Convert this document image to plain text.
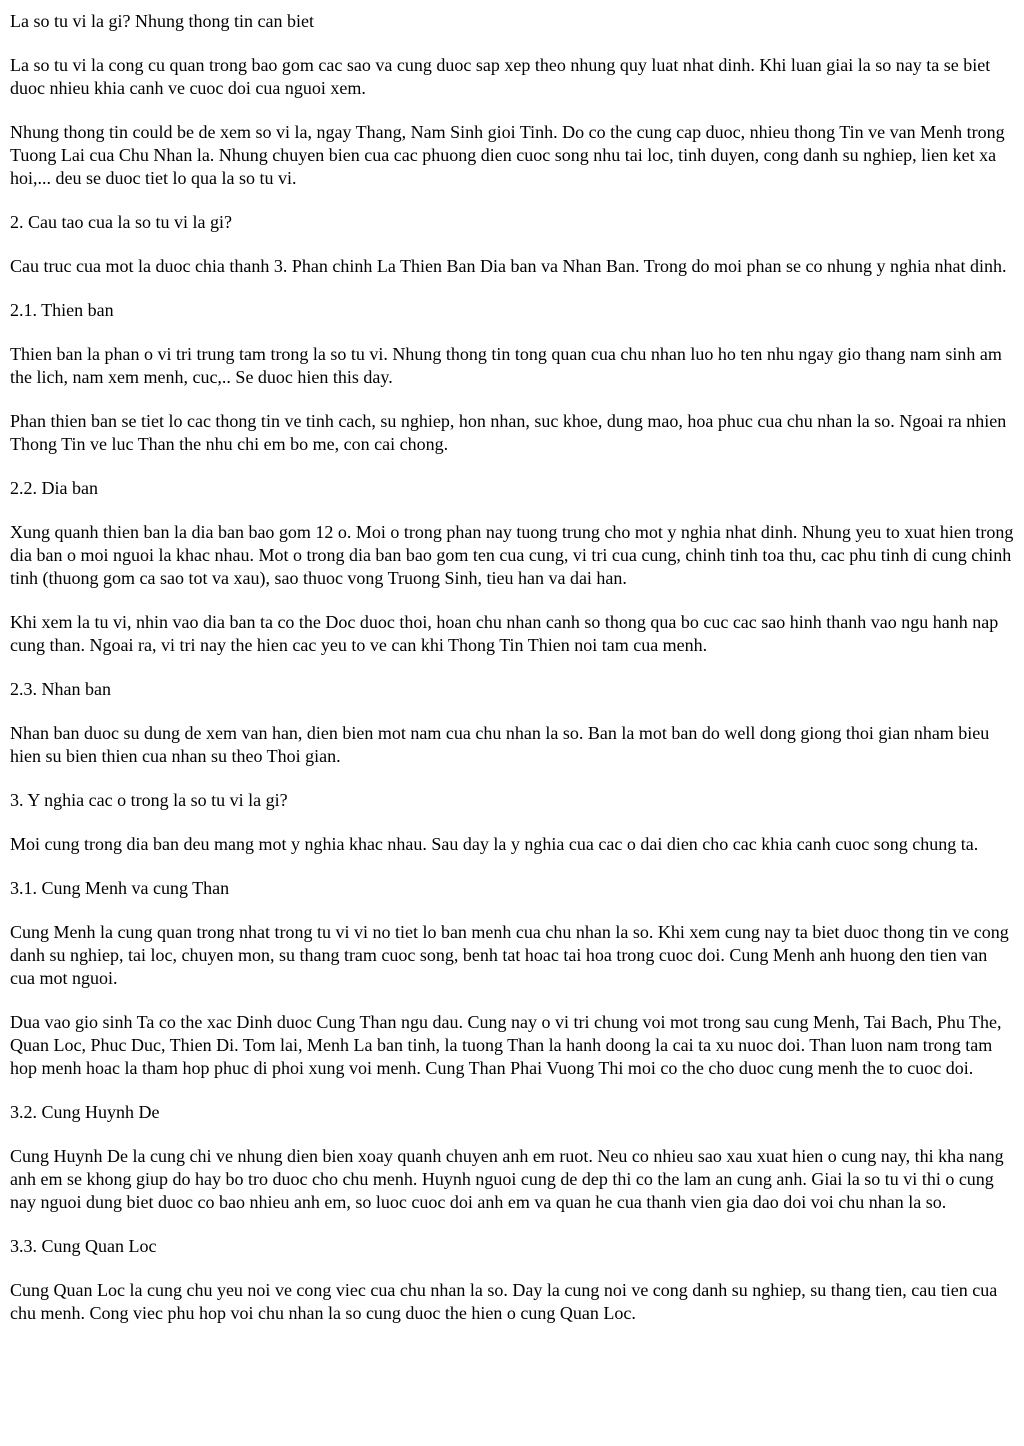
La so tu vi la gi? Nhung thong tin can biet

La so tu vi la cong cu quan trong bao gom cac sao va cung duoc sap xep theo nhung quy luat nhat dinh. Khi luan giai la so nay ta se biet duoc nhieu khia canh ve cuoc doi cua nguoi xem.

Nhung thong tin could be de xem so vi la, ngay Thang, Nam Sinh gioi Tinh. Do co the cung cap duoc, nhieu thong Tin ve van Menh trong Tuong Lai cua Chu Nhan la. Nhung chuyen bien cua cac phuong dien cuoc song nhu tai loc, tinh duyen, cong danh su nghiep, lien ket xa hoi,... deu se duoc tiet lo qua la so tu vi.

2. Cau tao cua la so tu vi la gi?

Cau truc cua mot la duoc chia thanh 3. Phan chinh La Thien Ban Dia ban va Nhan Ban. Trong do moi phan se co nhung y nghia nhat dinh.

2.1. Thien ban

Thien ban la phan o vi tri trung tam trong la so tu vi. Nhung thong tin tong quan cua chu nhan luo ho ten nhu ngay gio thang nam sinh am the lich, nam xem menh, cuc,.. Se duoc hien this day.

Phan thien ban se tiet lo cac thong tin ve tinh cach, su nghiep, hon nhan, suc khoe, dung mao, hoa phuc cua chu nhan la so. Ngoai ra nhien Thong Tin ve luc Than the nhu chi em bo me, con cai chong.

2.2. Dia ban

Xung quanh thien ban la dia ban bao gom 12 o. Moi o trong phan nay tuong trung cho mot y nghia nhat dinh. Nhung yeu to xuat hien trong dia ban o moi nguoi la khac nhau. Mot o trong dia ban bao gom ten cua cung, vi tri cua cung, chinh tinh toa thu, cac phu tinh di cung chinh tinh (thuong gom ca sao tot va xau), sao thuoc vong Truong Sinh, tieu han va dai han.

Khi xem la tu vi, nhin vao dia ban ta co the Doc duoc thoi, hoan chu nhan canh so thong qua bo cuc cac sao hinh thanh vao ngu hanh nap cung than. Ngoai ra, vi tri nay the hien cac yeu to ve can khi Thong Tin Thien noi tam cua menh.

2.3. Nhan ban

Nhan ban duoc su dung de xem van han, dien bien mot nam cua chu nhan la so. Ban la mot ban do well dong giong thoi gian nham bieu hien su bien thien cua nhan su theo Thoi gian.

3. Y nghia cac o trong la so tu vi la gi?

Moi cung trong dia ban deu mang mot y nghia khac nhau. Sau day la y nghia cua cac o dai dien cho cac khia canh cuoc song chung ta.

3.1. Cung Menh va cung Than

Cung Menh la cung quan trong nhat trong tu vi vi no tiet lo ban menh cua chu nhan la so. Khi xem cung nay ta biet duoc thong tin ve cong danh su nghiep, tai loc, chuyen mon, su thang tram cuoc song, benh tat hoac tai hoa trong cuoc doi. Cung Menh anh huong den tien van cua mot nguoi.

Dua vao gio sinh Ta co the xac Dinh duoc Cung Than ngu dau. Cung nay o vi tri chung voi mot trong sau cung Menh, Tai Bach, Phu The, Quan Loc, Phuc Duc, Thien Di. Tom lai, Menh La ban tinh, la tuong Than la hanh doong la cai ta xu nuoc doi. Than luon nam trong tam hop menh hoac la tham hop phuc di phoi xung voi menh. Cung Than Phai Vuong Thi moi co the cho duoc cung menh the to cuoc doi.

3.2. Cung Huynh De

Cung Huynh De la cung chi ve nhung dien bien xoay quanh chuyen anh em ruot. Neu co nhieu sao xau xuat hien o cung nay, thi kha nang anh em se khong giup do hay bo tro duoc cho chu menh. Huynh nguoi cung de dep thi co the lam an cung anh. Giai la so tu vi thi o cung nay nguoi dung biet duoc co bao nhieu anh em, so luoc cuoc doi anh em va quan he cua thanh vien gia dao doi voi chu nhan la so.

3.3. Cung Quan Loc

Cung Quan Loc la cung chu yeu noi ve cong viec cua chu nhan la so. Day la cung noi ve cong danh su nghiep, su thang tien, cau tien cua chu menh. Cong viec phu hop voi chu nhan la so cung duoc the hien o cung Quan Loc.
